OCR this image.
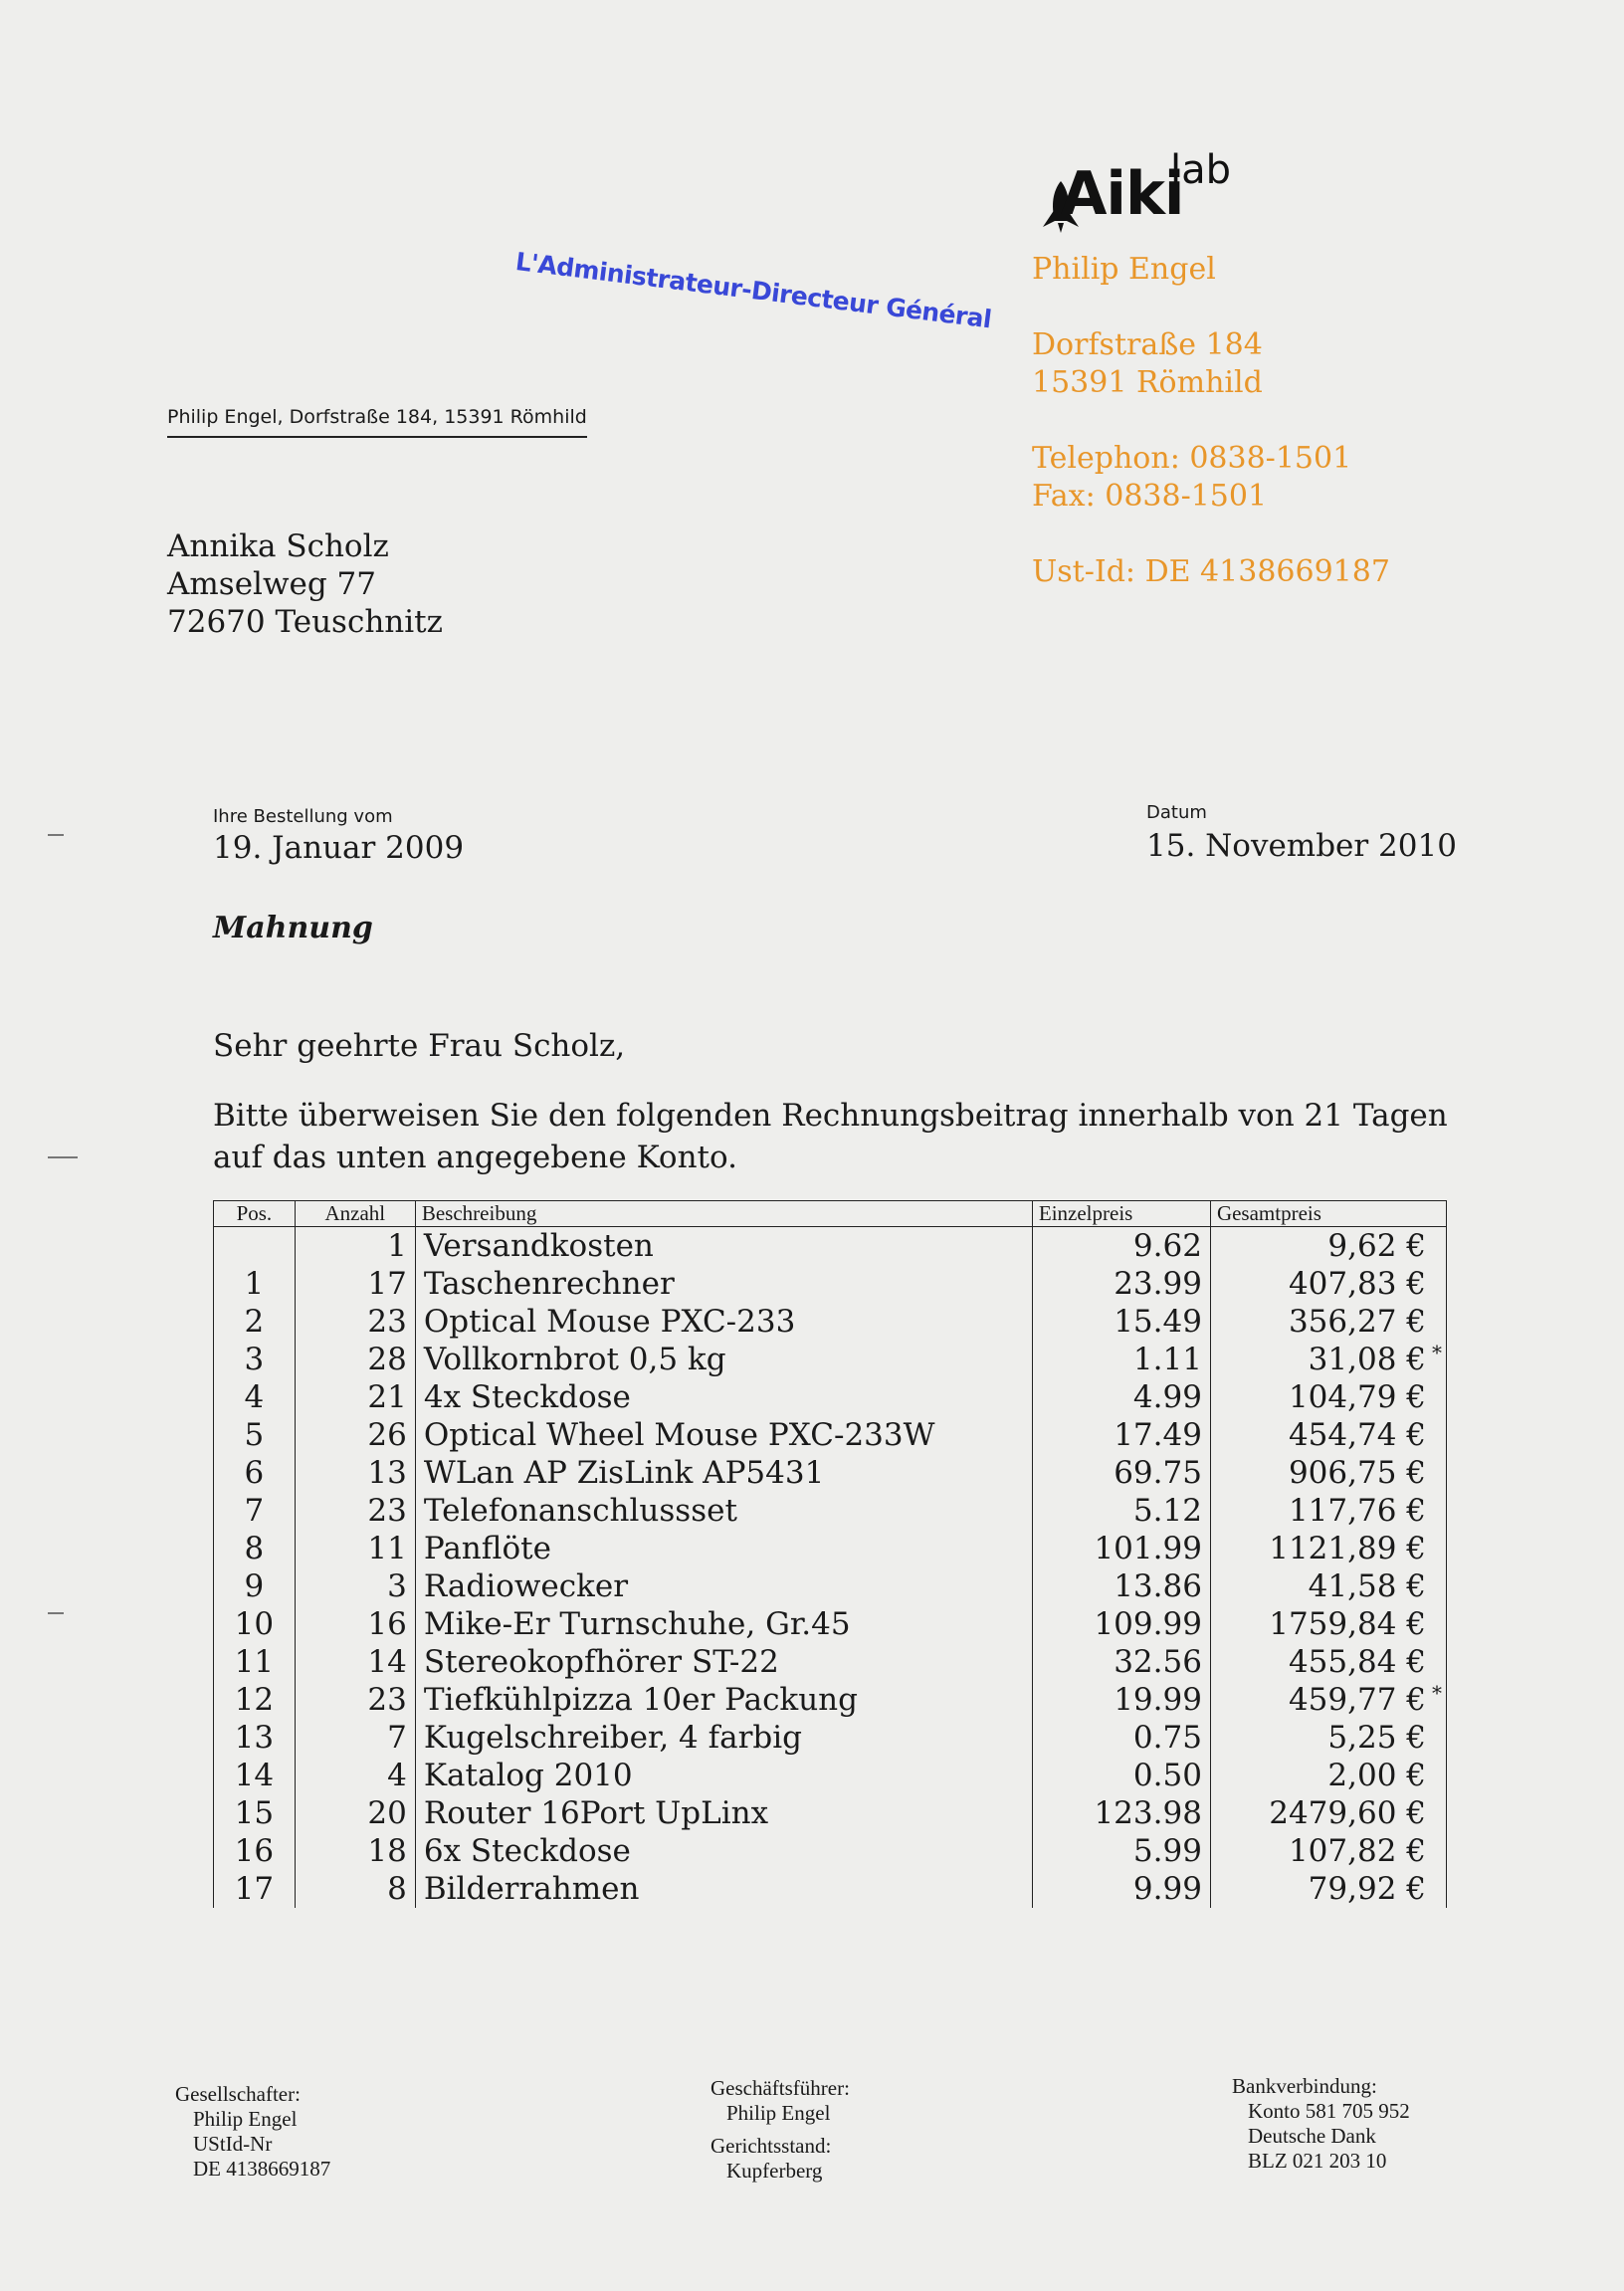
Aiki
lab
Philip Engel
Dorfstraße 184
15391 Römhild
Telephon: 0838-1501
Fax: 0838-1501
Ust-Id: DE 4138669187
L'Administrateur-Directeur Général
Philip Engel, Dorfstraße 184, 15391 Römhild
Annika Scholz
Amselweg 77
72670 Teuschnitz
Ihre Bestellung vom
19. Januar 2009
Datum
15. November 2010
Mahnung
Sehr geehrte Frau Scholz,
Bitte überweisen Sie den folgenden Rechnungsbeitrag innerhalb von 21 Tagen
auf das unten angegebene Konto.
Pos.	Anzahl	Beschreibung	Einzelpreis	Gesamtpreis
	1	Versandkosten	9.62	9,62 €

1	17	Taschenrechner	23.99	407,83 €

2	23	Optical Mouse PXC-233	15.49	356,27 €

3	28	Vollkornbrot 0,5 kg	1.11	31,08 € *

4	21	4x Steckdose	4.99	104,79 €

5	26	Optical Wheel Mouse PXC-233W	17.49	454,74 €

6	13	WLan AP ZisLink AP5431	69.75	906,75 €

7	23	Telefonanschlussset	5.12	117,76 €

8	11	Panflöte	101.99	1121,89 €

9	3	Radiowecker	13.86	41,58 €

10	16	Mike-Er Turnschuhe, Gr.45	109.99	1759,84 €

11	14	Stereokopfhörer ST-22	32.56	455,84 €

12	23	Tiefkühlpizza 10er Packung	19.99	459,77 € *

13	7	Kugelschreiber, 4 farbig	0.75	5,25 €

14	4	Katalog 2010	0.50	2,00 €

15	20	Router 16Port UpLinx	123.98	2479,60 €

16	18	6x Steckdose	5.99	107,82 €

17	8	Bilderrahmen	9.99	79,92 €
Gesellschafter:
Philip Engel
UStId-Nr
DE 4138669187
Geschäftsführer:
Philip Engel
Gerichtsstand:
Kupferberg
Bankverbindung:
Konto 581 705 952
Deutsche Dank
BLZ 021 203 10
